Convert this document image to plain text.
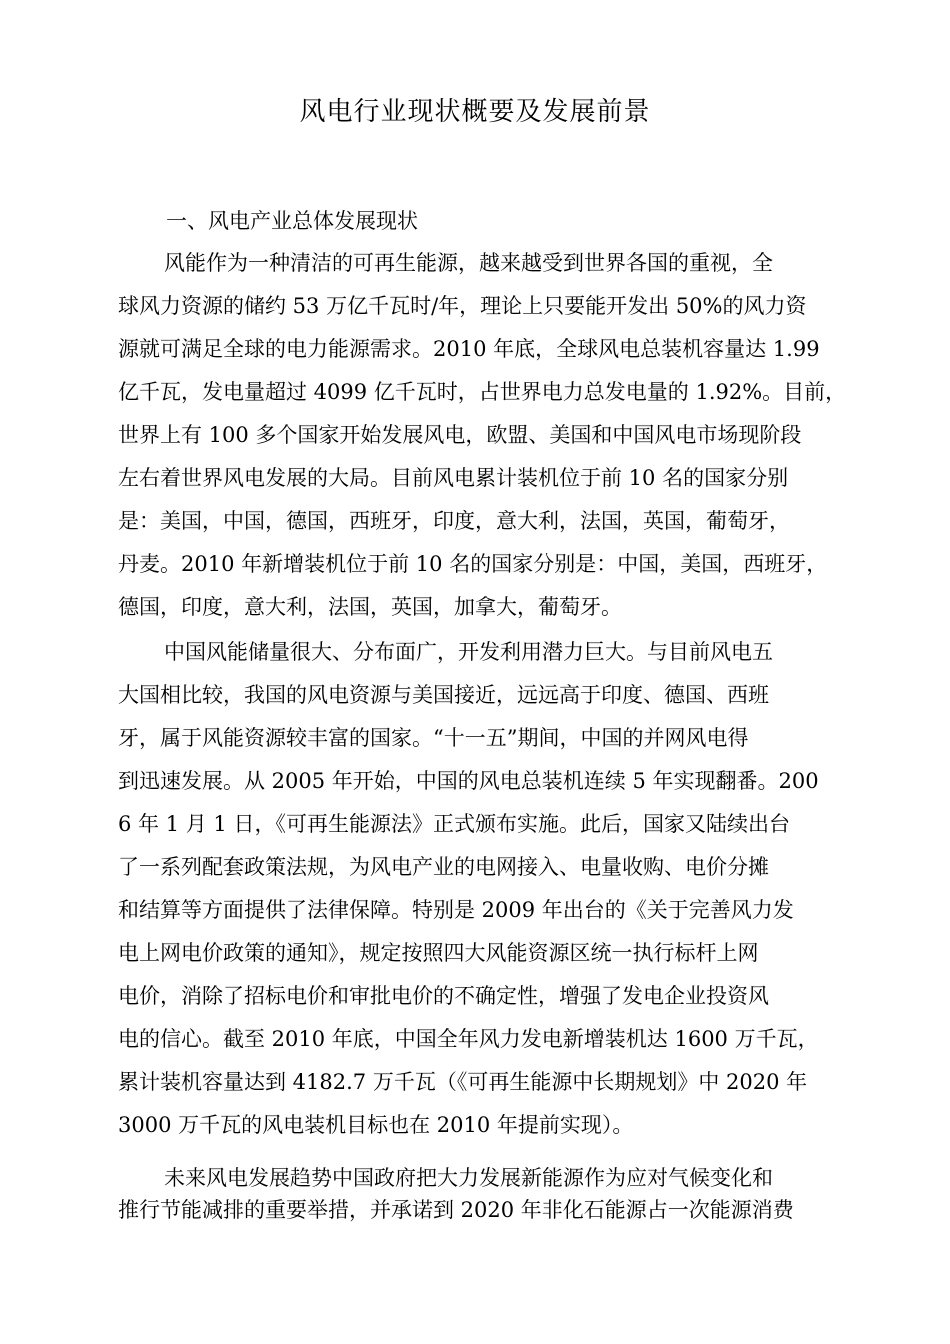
风电行业现状概要及发展前景
一、风电产业总体发展现状
风能作为一种清洁的可再生能源，越来越受到世界各国的重视，全
球风力资源的储约 53 万亿千瓦时/年，理论上只要能开发出 50%的风力资
源就可满足全球的电力能源需求。2010 年底，全球风电总装机容量达 1.99
亿千瓦，发电量超过 4099 亿千瓦时，占世界电力总发电量的 1.92%。目前，
世界上有 100 多个国家开始发展风电，欧盟、美国和中国风电市场现阶段
左右着世界风电发展的大局。目前风电累计装机位于前 10 名的国家分别
是：美国，中国，德国，西班牙，印度，意大利，法国，英国，葡萄牙，
丹麦。2010 年新增装机位于前 10 名的国家分别是：中国，美国，西班牙，
德国，印度，意大利，法国，英国，加拿大，葡萄牙。
中国风能储量很大、分布面广，开发利用潜力巨大。与目前风电五
大国相比较，我国的风电资源与美国接近，远远高于印度、德国、西班
牙，属于风能资源较丰富的国家。“十一五”期间，中国的并网风电得
到迅速发展。从 2005 年开始，中国的风电总装机连续 5 年实现翻番。200
6 年 1 月 1 日，《可再生能源法》正式颁布实施。此后，国家又陆续出台
了一系列配套政策法规，为风电产业的电网接入、电量收购、电价分摊
和结算等方面提供了法律保障。特别是 2009 年出台的《关于完善风力发
电上网电价政策的通知》，规定按照四大风能资源区统一执行标杆上网
电价，消除了招标电价和审批电价的不确定性，增强了发电企业投资风
电的信心。截至 2010 年底，中国全年风力发电新增装机达 1600 万千瓦，
累计装机容量达到 4182.7 万千瓦（《可再生能源中长期规划》中 2020 年
3000 万千瓦的风电装机目标也在 2010 年提前实现）。
未来风电发展趋势中国政府把大力发展新能源作为应对气候变化和
推行节能减排的重要举措，并承诺到 2020 年非化石能源占一次能源消费
